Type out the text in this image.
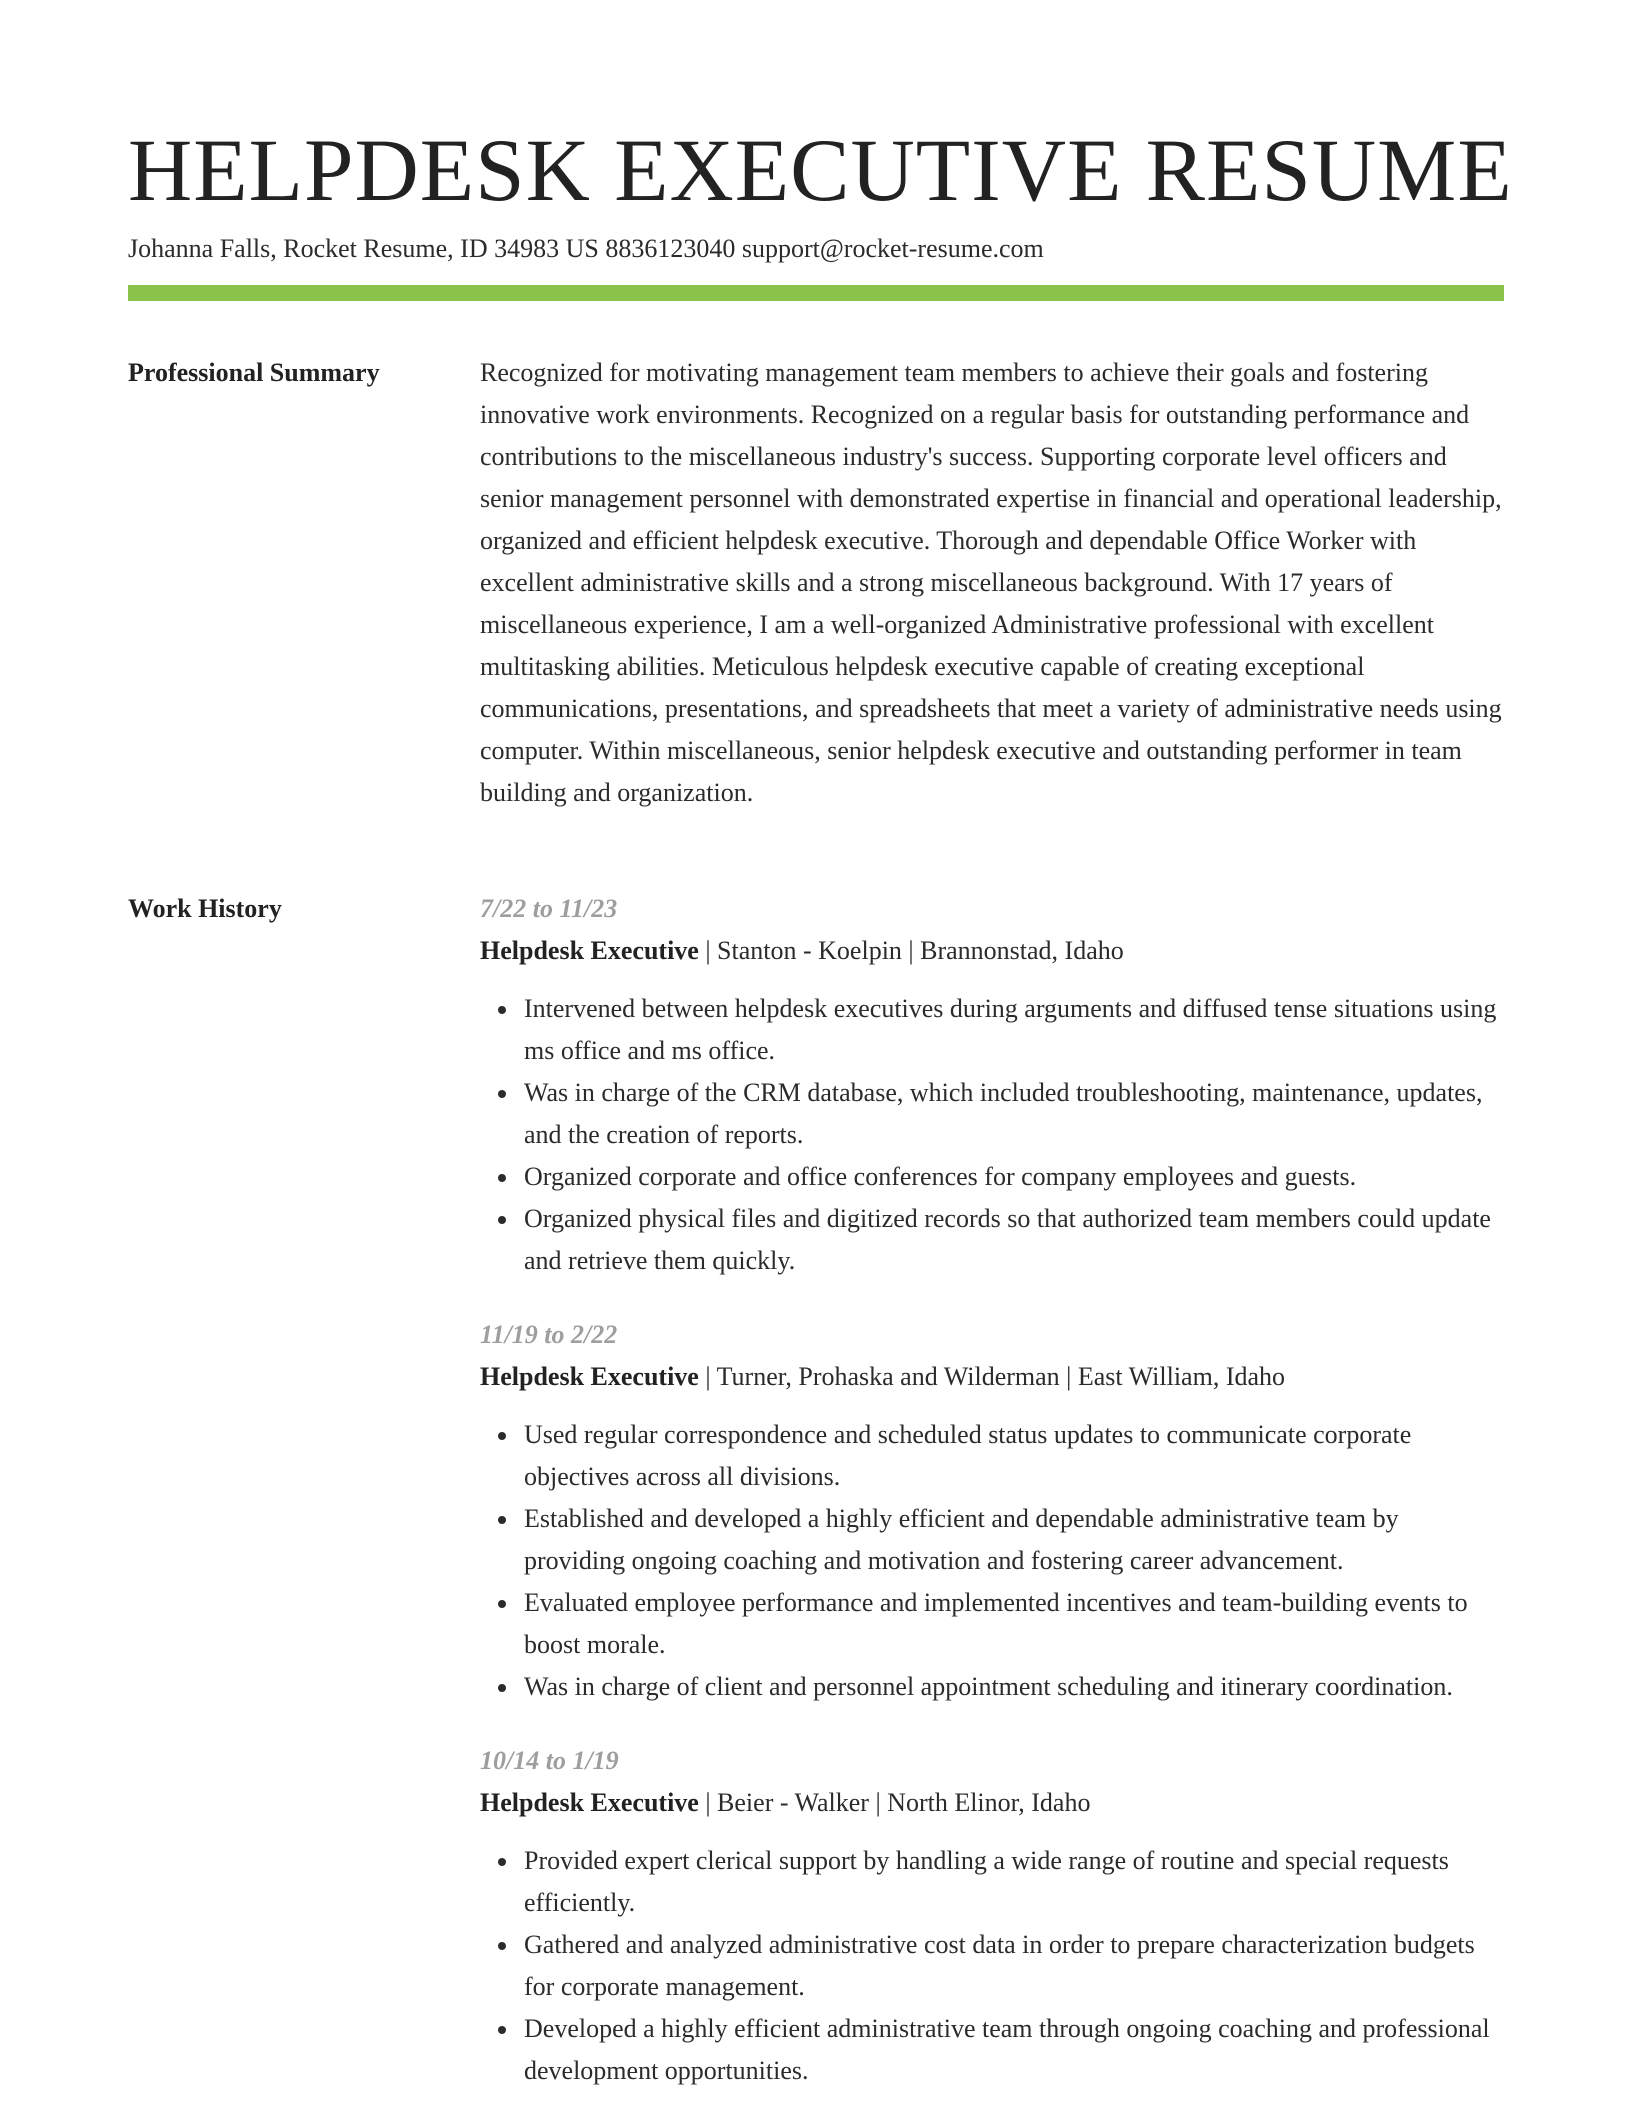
HELPDESK EXECUTIVE RESUME
Johanna Falls, Rocket Resume, ID 34983 US 8836123040 support@rocket-resume.com
Professional Summary	Recognized for motivating management team members to achieve their goals and fostering innovative work environments. Recognized on a regular basis for outstanding performance and contributions to the miscellaneous industry's success. Supporting corporate level officers and senior management personnel with demonstrated expertise in financial and operational leadership, organized and efficient helpdesk executive. Thorough and dependable Office Worker with excellent administrative skills and a strong miscellaneous background. With 17 years of miscellaneous experience, I am a well-organized Administrative professional with excellent multitasking abilities. Meticulous helpdesk executive capable of creating exceptional communications, presentations, and spreadsheets that meet a variety of administrative needs using computer. Within miscellaneous, senior helpdesk executive and outstanding performer in team building and organization.

Work History	7/22 to 11/23
Helpdesk Executive | Stanton - Koelpin | Brannonstad, Idaho
Intervened between helpdesk executives during arguments and diffused tense situations using ms office and ms office.
Was in charge of the CRM database, which included troubleshooting, maintenance, updates, and the creation of reports.
Organized corporate and office conferences for company employees and guests.
Organized physical files and digitized records so that authorized team members could update and retrieve them quickly.
11/19 to 2/22
Helpdesk Executive | Turner, Prohaska and Wilderman | East William, Idaho
Used regular correspondence and scheduled status updates to communicate corporate objectives across all divisions.
Established and developed a highly efficient and dependable administrative team by providing ongoing coaching and motivation and fostering career advancement.
Evaluated employee performance and implemented incentives and team-building events to boost morale.
Was in charge of client and personnel appointment scheduling and itinerary coordination.
10/14 to 1/19
Helpdesk Executive | Beier - Walker | North Elinor, Idaho
Provided expert clerical support by handling a wide range of routine and special requests efficiently.
Gathered and analyzed administrative cost data in order to prepare characterization budgets for corporate management.
Developed a highly efficient administrative team through ongoing coaching and professional development opportunities.
